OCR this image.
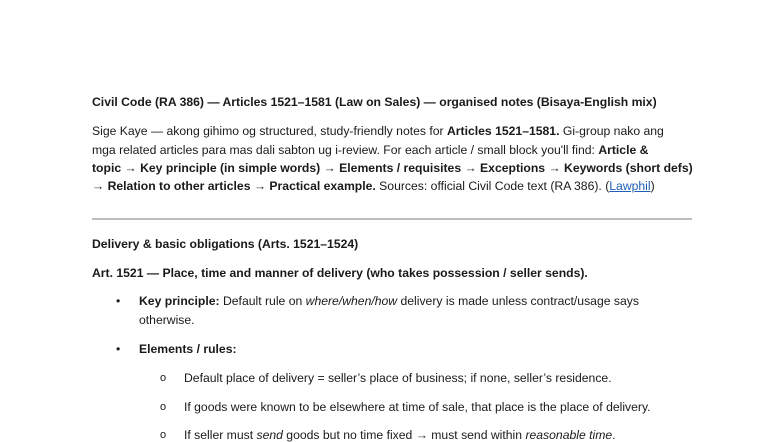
Civil Code (RA 386) — Articles 1521–1581 (Law on Sales) — organised notes (Bisaya-English mix)
Sige Kaye — akong gihimo og structured, study-friendly notes for Articles 1521–1581. Gi-group nako ang
mga related articles para mas dali sabton ug i-review. For each article / small block you'll find: Article &
topic → Key principle (in simple words) → Elements / requisites → Exceptions → Keywords (short defs)
→ Relation to other articles → Practical example. Sources: official Civil Code text (RA 386). (Lawphil)
Delivery & basic obligations (Arts. 1521–1524)
Art. 1521 — Place, time and manner of delivery (who takes possession / seller sends).
• Key principle: Default rule on where/when/how delivery is made unless contract/usage says
otherwise.
• Elements / rules:
o Default place of delivery = seller’s place of business; if none, seller’s residence.
o If goods were known to be elsewhere at time of sale, that place is the place of delivery.
o If seller must send goods but no time fixed → must send within reasonable time.
